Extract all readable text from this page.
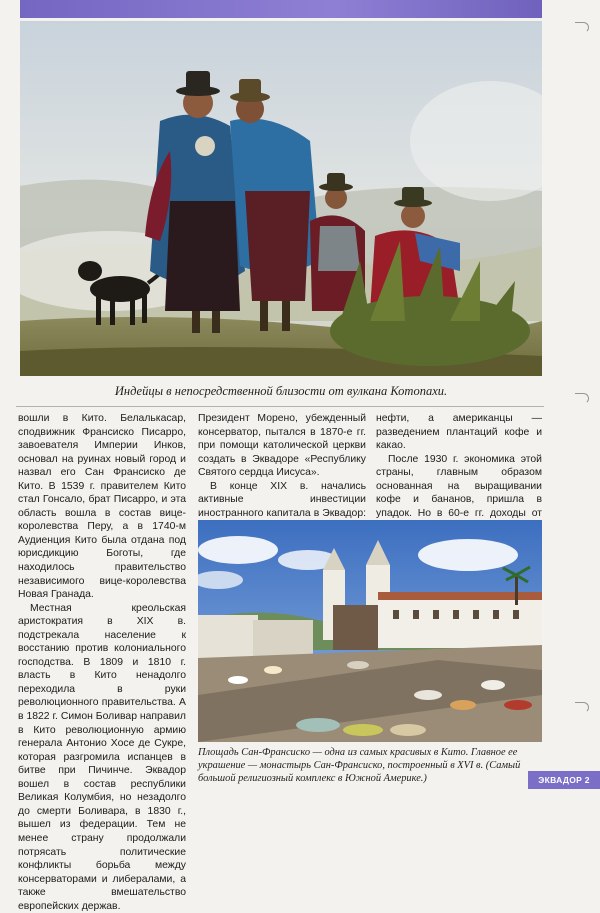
Индейцы в непосредственной близости от вулкана Котопахи.

вошли в Кито. Белалькасар, сподвижник Франсиско Писарро, завоевателя Империи Инков, основал на руинах новый город и назвал его Сан Франсиско де Кито. В 1539 г. правителем Кито стал Гонсало, брат Писарро, и эта область вошла в состав вице-королевства Перу, а в 1740-м Аудиенция Кито была отдана под юрисдикцию Боготы, где находилось правительство независимого вице-королевства Новая Гранада.

Местная креольская аристократия в XIX в. подстрекала население к восстанию против колониального господства. В 1809 и 1810 г. власть в Кито ненадолго переходила в руки революционного правительства. А в 1822 г. Симон Боливар направил в Кито революционную армию генерала Антонио Хосе де Сукре, которая разгромила испанцев в битве при Пичинче. Эквадор вошел в состав республики Великая Колумбия, но незадолго до смерти Боливара, в 1830 г., вышел из федерации. Тем не менее страну продолжали потрясать политические конфликты борьба между консерваторами и либералами, а также вмешательство европейских держав.

Президент Морено, убежденный консерватор, пытался в 1870-е гг. при помощи католической церкви создать в Эквадоре «Республику Святого сердца Иисуса».

В конце XIX в. начались активные инвестиции иностранного капитала в Эквадор:

нефти, а американцы — разведением плантаций кофе и какао.

После 1930 г. экономика этой страны, главным образом основанная на выращивании кофе и бананов, пришла в упадок. Но в 60-е гг. доходы от

Площадь Сан-Франсиско — одна из самых красивых в Кито. Главное ее украшение — монастырь Сан-Франсиско, построенный в XVI в. (Самый большой религиозный комплекс в Южной Америке.)	ЭКВАДОР 2
